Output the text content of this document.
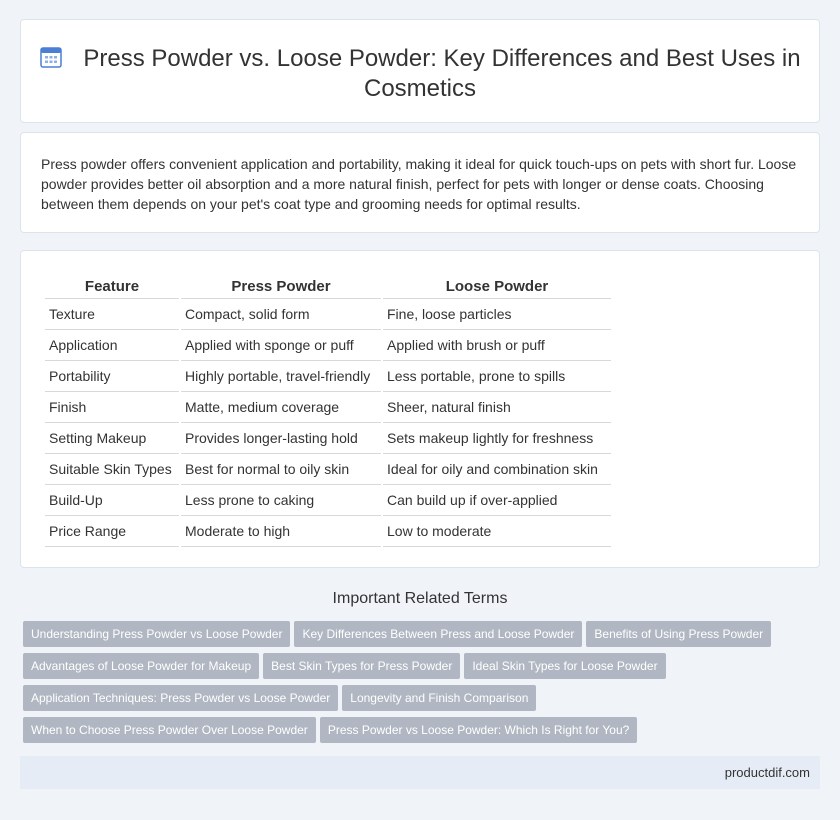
Press Powder vs. Loose Powder: Key Differences and Best Uses in
Cosmetics

Press powder offers convenient application and portability, making it ideal for quick touch-ups on pets with short fur. Loose powder provides better oil absorption and a more natural finish, perfect for pets with longer or dense coats. Choosing between them depends on your pet's coat type and grooming needs for optimal results.

Feature	Press Powder	Loose Powder
Texture	Compact, solid form	Fine, loose particles
Application	Applied with sponge or puff	Applied with brush or puff
Portability	Highly portable, travel-friendly	Less portable, prone to spills
Finish	Matte, medium coverage	Sheer, natural finish
Setting Makeup	Provides longer-lasting hold	Sets makeup lightly for freshness
Suitable Skin Types	Best for normal to oily skin	Ideal for oily and combination skin
Build-Up	Less prone to caking	Can build up if over-applied
Price Range	Moderate to high	Low to moderate
Important Related Terms
Understanding Press Powder vs Loose Powder Key Differences Between Press and Loose Powder Benefits of Using Press Powder
Advantages of Loose Powder for Makeup Best Skin Types for Press Powder Ideal Skin Types for Loose Powder
Application Techniques: Press Powder vs Loose Powder Longevity and Finish Comparison
When to Choose Press Powder Over Loose Powder Press Powder vs Loose Powder: Which Is Right for You?
productdif.com
